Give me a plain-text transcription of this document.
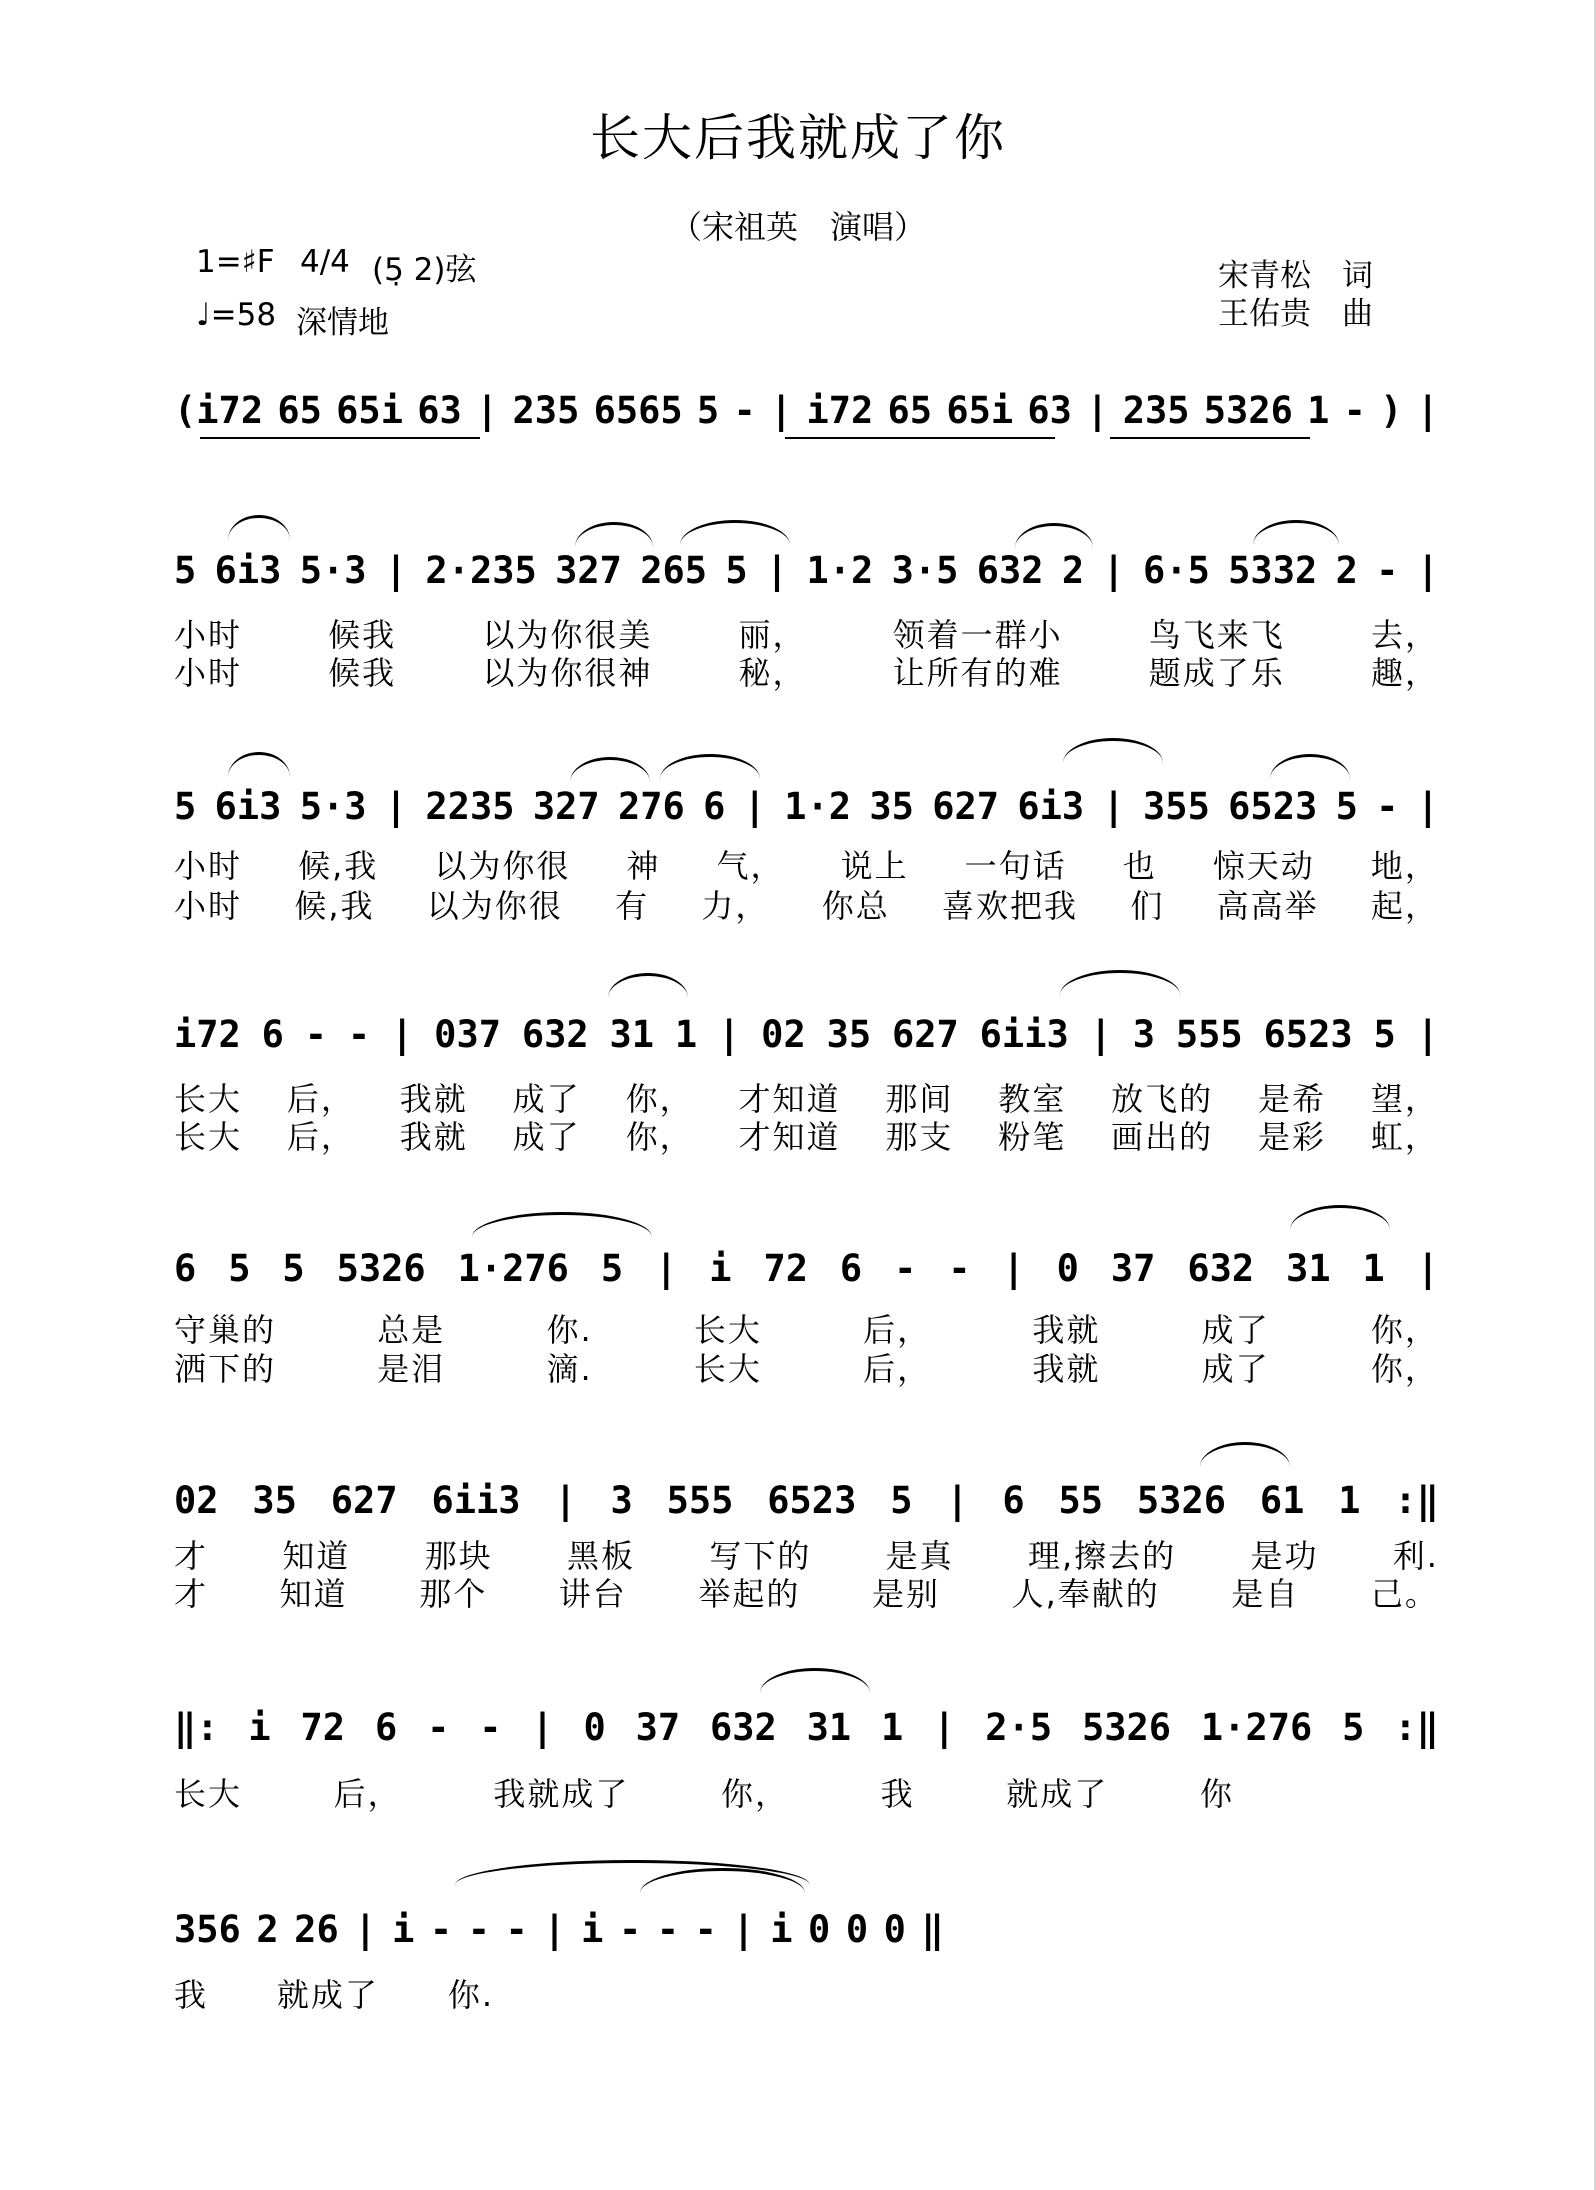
长大后我就成了你
（宋祖英　演唱）
1=♯F 4/4 (5̣ 2)弦
♩=58 深情地
宋青松　词
王佑贵　曲
(i72 65 65i 63 | 235 6565 5 - | i72 65 65i 63 | 235 5326 1 - ) |
5 6i3 5·3 | 2·235 327 265 5 | 1·2 3·5 632 2 | 6·5 5332 2 - |
小时	候我	以为你很美	丽，	领着一群小	鸟飞来飞	去，
小时	候我	以为你很神	秘，	让所有的难	题成了乐	趣，
5 6i3 5·3 | 2235 327 276 6 | 1·2 35 627 6i3 | 355 6523 5 - |
小时 候,我 以为你很 神 气， 说上 一句话 也 惊天动 地，
小时 候,我 以为你很 有 力， 你总 喜欢把我 们 高高举 起，
i72 6 - - | 037 632 31 1 | 02 35 627 6ii3 | 3 555 6523 5 |
长大 后， 我就 成了 你， 才知道 那间 教室 放飞的 是希 望，
长大 后， 我就 成了 你， 才知道 那支 粉笔 画出的 是彩 虹，
6 5 5 5326 1·276 5 | i 72 6 - - | 0 37 632 31 1 |
守巢的	总是	你.	长大	后，	我就	成了	你，
洒下的	是泪	滴.	长大	后，	我就	成了	你，
02 35 627 6ii3 | 3 555 6523 5 | 6 55 5326 61 1 :‖
才 知道 那块 黑板 写下的 是真 理,擦去的 是功 利.
才 知道 那个 讲台 举起的 是别 人,奉献的 是自 己。
‖: i 72 6 - - | 0 37 632 31 1 | 2·5 5326 1·276 5 :‖
长大	后，	我就成了	你，	我	就成了	你
356 2 26 | i - - - | i - - - | i 0 0 0 ‖
我 就成了 你.
